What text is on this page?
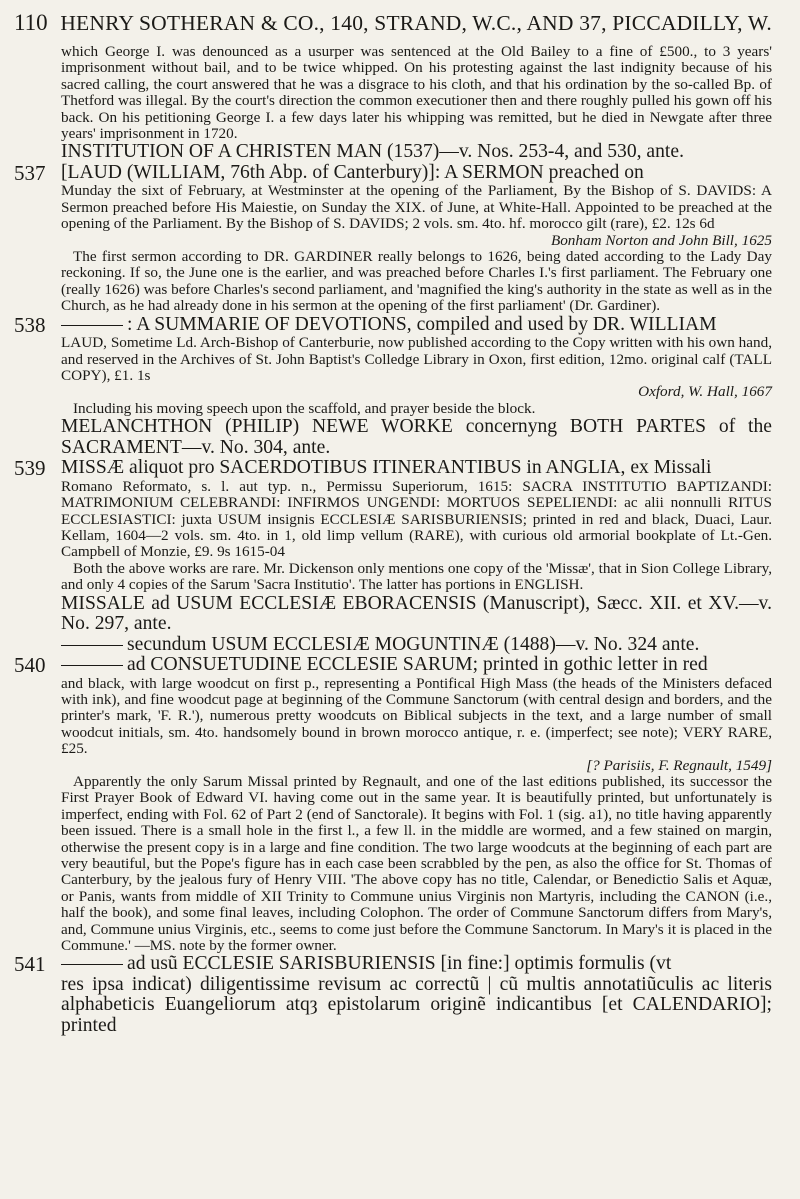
110 HENRY SOTHERAN & CO., 140, STRAND, W.C., AND 37, PICCADILLY, W.

which George I. was denounced as a usurper was sentenced at the Old Bailey to a fine of £500., to 3 years' imprisonment without bail, and to be twice whipped. On his protesting against the last indignity because of his sacred calling, the court answered that he was a disgrace to his cloth, and that his ordination by the so-called Bp. of Thetford was illegal. By the court's direction the common executioner then and there roughly pulled his gown off his back. On his petitioning George I. a few days later his whipping was remitted, but he died in Newgate after three years' imprisonment in 1720.

INSTITUTION OF A CHRISTEN MAN (1537)—v. Nos. 253-4, and 530, ante.

537 [LAUD (WILLIAM, 76th Abp. of Canterbury)]: A SERMON preached on

Munday the sixt of February, at Westminster at the opening of the Parliament, By the Bishop of S. DAVIDS: A Sermon preached before His Maiestie, on Sunday the XIX. of June, at White-Hall. Appointed to be preached at the opening of the Parliament. By the Bishop of S. DAVIDS; 2 vols. sm. 4to. hf. morocco gilt (rare), £2. 12s 6d

Bonham Norton and John Bill, 1625

The first sermon according to DR. GARDINER really belongs to 1626, being dated according to the Lady Day reckoning. If so, the June one is the earlier, and was preached before Charles I.'s first parliament. The February one (really 1626) was before Charles's second parliament, and 'magnified the king's authority in the state as well as in the Church, as he had already done in his sermon at the opening of the first parliament' (Dr. Gardiner).

538	: A SUMMARIE OF DEVOTIONS, compiled and used by DR. WILLIAM

LAUD, Sometime Ld. Arch-Bishop of Canterburie, now published according to the Copy written with his own hand, and reserved in the Archives of St. John Baptist's Colledge Library in Oxon, first edition, 12mo. original calf (TALL COPY), £1. 1s

Oxford, W. Hall, 1667

Including his moving speech upon the scaffold, and prayer beside the block.

MELANCHTHON (PHILIP) NEWE WORKE concernyng BOTH PARTES of the SACRAMENT—v. No. 304, ante.

539 MISSÆ aliquot pro SACERDOTIBUS ITINERANTIBUS in ANGLIA, ex Missali

Romano Reformato, s. l. aut typ. n., Permissu Superiorum, 1615: SACRA INSTITUTIO BAPTIZANDI: MATRIMONIUM CELEBRANDI: INFIRMOS UNGENDI: MORTUOS SEPELIENDI: ac alii nonnulli RITUS ECCLESIASTICI: juxta USUM insignis ECCLESIÆ SARISBURIENSIS; printed in red and black, Duaci, Laur. Kellam, 1604—2 vols. sm. 4to. in 1, old limp vellum (RARE), with curious old armorial bookplate of Lt.-Gen. Campbell of Monzie, £9. 9s 1615-04

Both the above works are rare. Mr. Dickenson only mentions one copy of the 'Missæ', that in Sion College Library, and only 4 copies of the Sarum 'Sacra Institutio'. The latter has portions in ENGLISH.

MISSALE ad USUM ECCLESIÆ EBORACENSIS (Manuscript), Sæcc. XII. et XV.—v. No. 297, ante.

secundum USUM ECCLESIÆ MOGUNTINÆ (1488)—v. No. 324 ante.

540	ad CONSUETUDINE ECCLESIE SARUM; printed in gothic letter in red

and black, with large woodcut on first p., representing a Pontifical High Mass (the heads of the Ministers defaced with ink), and fine woodcut page at beginning of the Commune Sanctorum (with central design and borders, and the printer's mark, 'F. R.'), numerous pretty woodcuts on Biblical subjects in the text, and a large number of small woodcut initials, sm. 4to. handsomely bound in brown morocco antique, r. e. (imperfect; see note); VERY RARE, £25.

[? Parisiis, F. Regnault, 1549]

Apparently the only Sarum Missal printed by Regnault, and one of the last editions published, its successor the First Prayer Book of Edward VI. having come out in the same year. It is beautifully printed, but unfortunately is imperfect, ending with Fol. 62 of Part 2 (end of Sanctorale). It begins with Fol. 1 (sig. a1), no title having apparently been issued. There is a small hole in the first l., a few ll. in the middle are wormed, and a few stained on margin, otherwise the present copy is in a large and fine condition. The two large woodcuts at the beginning of each part are very beautiful, but the Pope's figure has in each case been scrabbled by the pen, as also the office for St. Thomas of Canterbury, by the jealous fury of Henry VIII. 'The above copy has no title, Calendar, or Benedictio Salis et Aquæ, or Panis, wants from middle of XII Trinity to Commune unius Virginis non Martyris, including the CANON (i.e., half the book), and some final leaves, including Colophon. The order of Commune Sanctorum differs from Mary's, and, Commune unius Virginis, etc., seems to come just before the Commune Sanctorum. In Mary's it is placed in the Commune.' —MS. note by the former owner.

541	ad usũ ECCLESIE SARISBURIENSIS [in fine:] optimis formulis (vt

res ipsa indicat) diligentissime revisum ac correctũ | cũ multis annotatiũculis ac literis alphabeticis Euangeliorum atqȝ epistolarum originẽ indicantibus [et CALENDARIO]; printed
